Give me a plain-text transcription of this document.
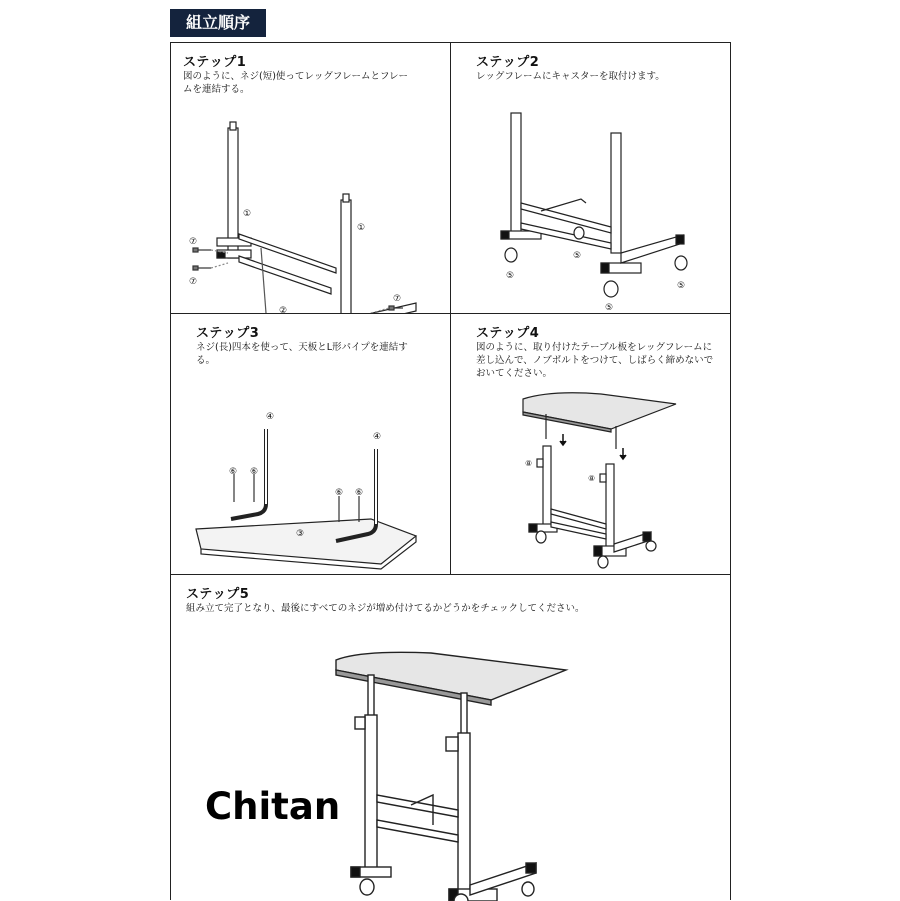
組立順序
ステップ1
図のように、ネジ(短)使ってレッグフレームとフレームを連結する。
①
①
⑦
⑦
②
⑦
ステップ2
レッグフレームにキャスターを取付けます。
⑤
⑤
⑤
⑤
ステップ3
ネジ(長)四本を使って、天板とL形パイプを連結する。
④
④
⑥ ⑥
⑥ ⑥
③
ステップ4
図のように、取り付けたテーブル板をレッグフレームに差し込んで、ノブボルトをつけて、しばらく締めないでおいてください。
⑧
⑧
ステップ5
組み立て完了となり、最後にすべてのネジが増め付けてるかどうかをチェックしてください。
Chitan
